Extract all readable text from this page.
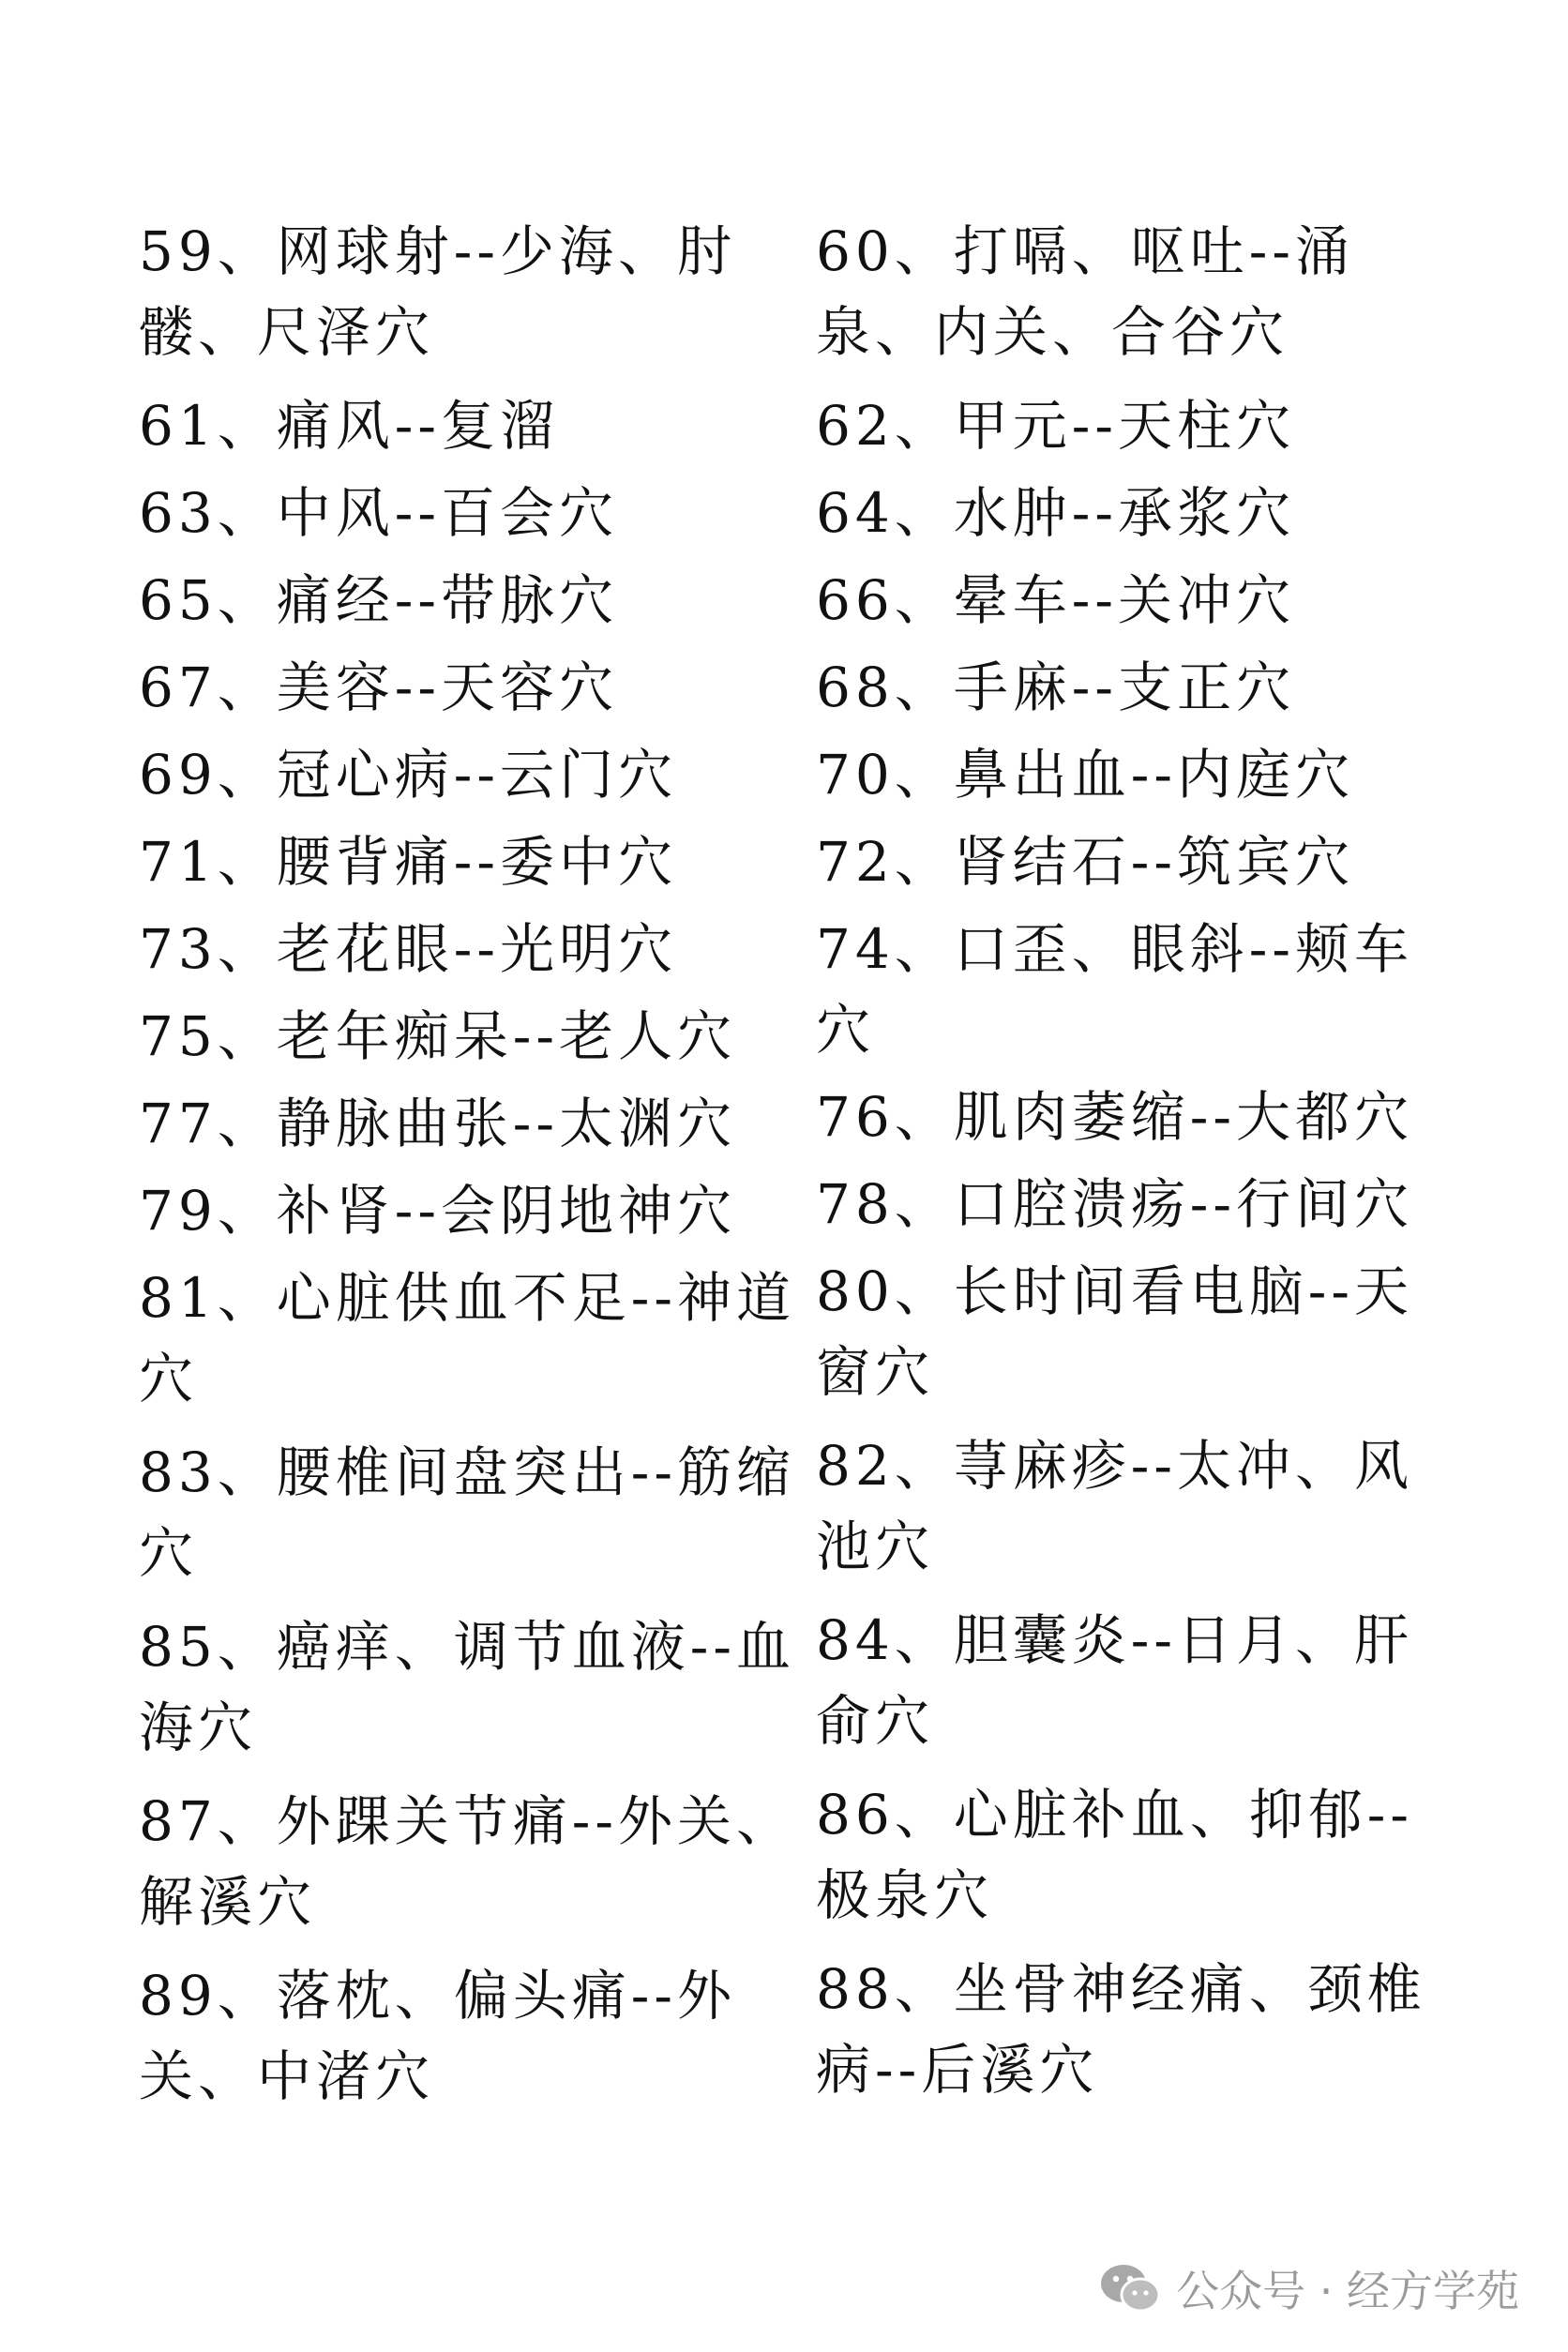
59、网球射--少海、肘髅、尺泽穴
61、痛风--复溜
63、中风--百会穴
65、痛经--带脉穴
67、美容--天容穴
69、冠心病--云门穴
71、腰背痛--委中穴
73、老花眼--光明穴
75、老年痴呆--老人穴
77、静脉曲张--太渊穴
79、补肾--会阴地神穴
81、心脏供血不足--神道穴
83、腰椎间盘突出--筋缩穴
85、癌痒、调节血液--血海穴
87、外踝关节痛--外关、解溪穴
89、落枕、偏头痛--外关、中渚穴
60、打嗝、呕吐--涌泉、内关、合谷穴
62、甲元--天柱穴
64、水肿--承浆穴
66、晕车--关冲穴
68、手麻--支正穴
70、鼻出血--内庭穴
72、肾结石--筑宾穴
74、口歪、眼斜--颊车穴
76、肌肉萎缩--大都穴
78、口腔溃疡--行间穴
80、长时间看电脑--天窗穴
82、荨麻疹--太冲、风池穴
84、胆囊炎--日月、肝俞穴
86、心脏补血、抑郁--极泉穴
88、坐骨神经痛、颈椎病--后溪穴
公众号 · 经方学苑
